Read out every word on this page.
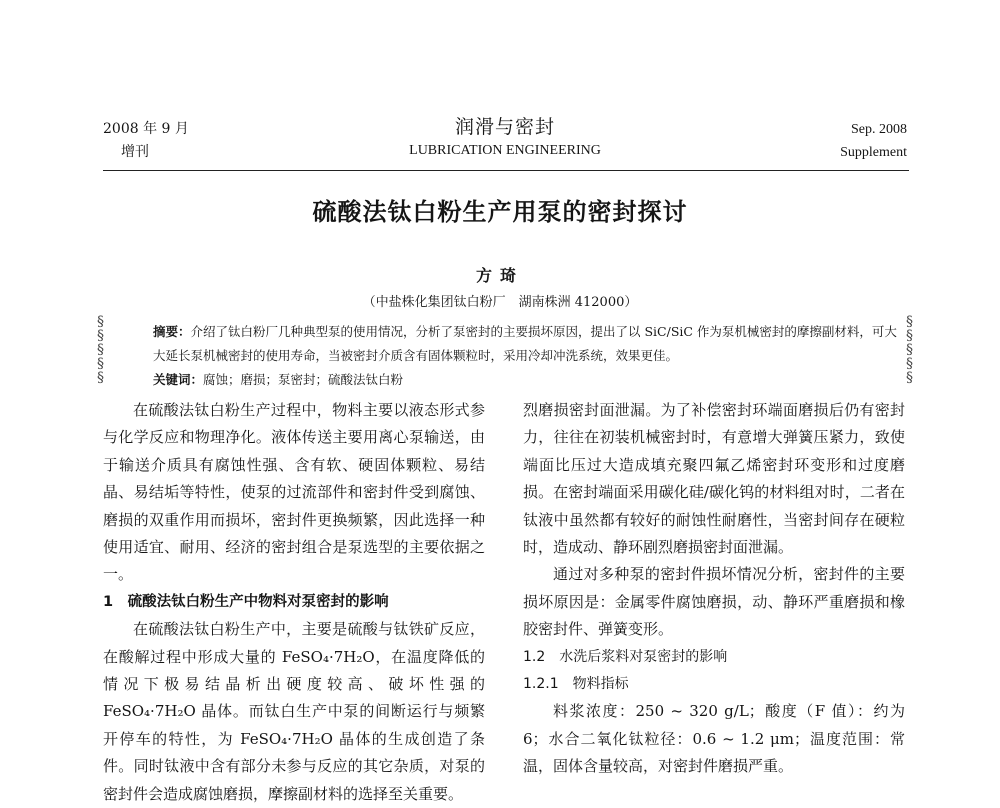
2008 年 9 月
增刊
润滑与密封
LUBRICATION ENGINEERING
Sep. 2008
Supplement
硫酸法钛白粉生产用泵的密封探讨
方琦
（中盐株化集团钛白粉厂　湖南株洲 412000）
§
§
§
§
§
§
§
§
§
§
摘要：介绍了钛白粉厂几种典型泵的使用情况，分析了泵密封的主要损坏原因，提出了以 SiC/SiC 作为泵机械密封的摩擦副材料，可大大延长泵机械密封的使用寿命，当被密封介质含有固体颗粒时，采用冷却冲洗系统，效果更佳。
关键词：腐蚀；磨损；泵密封；硫酸法钛白粉

在硫酸法钛白粉生产过程中，物料主要以液态形式参与化学反应和物理净化。液体传送主要用离心泵输送，由于输送介质具有腐蚀性强、含有软、硬固体颗粒、易结晶、易结垢等特性，使泵的过流部件和密封件受到腐蚀、磨损的双重作用而损坏，密封件更换频繁，因此选择一种使用适宜、耐用、经济的密封组合是泵选型的主要依据之一。

1　硫酸法钛白粉生产中物料对泵密封的影响

在硫酸法钛白粉生产中，主要是硫酸与钛铁矿反应，在酸解过程中形成大量的 FeSO₄·7H₂O，在温度降低的情况下极易结晶析出硬度较高、破坏性强的 FeSO₄·7H₂O 晶体。而钛白生产中泵的间断运行与频繁开停车的特性，为 FeSO₄·7H₂O 晶体的生成创造了条件。同时钛液中含有部分未参与反应的其它杂质，对泵的密封件会造成腐蚀磨损，摩擦副材料的选择至关重要。

烈磨损密封面泄漏。为了补偿密封环端面磨损后仍有密封力，往往在初装机械密封时，有意增大弹簧压紧力，致使端面比压过大造成填充聚四氟乙烯密封环变形和过度磨损。在密封端面采用碳化硅/碳化钨的材料组对时，二者在钛液中虽然都有较好的耐蚀性耐磨性，当密封间存在硬粒时，造成动、静环剧烈磨损密封面泄漏。

通过对多种泵的密封件损坏情况分析，密封件的主要损坏原因是：金属零件腐蚀磨损，动、静环严重磨损和橡胶密封件、弹簧变形。

1.2　水洗后浆料对泵密封的影响

1.2.1　物料指标

料浆浓度：250 ~ 320 g/L；酸度（F 值）：约为 6；水合二氧化钛粒径：0.6 ~ 1.2 μm；温度范围：常温，固体含量较高，对密封件磨损严重。
